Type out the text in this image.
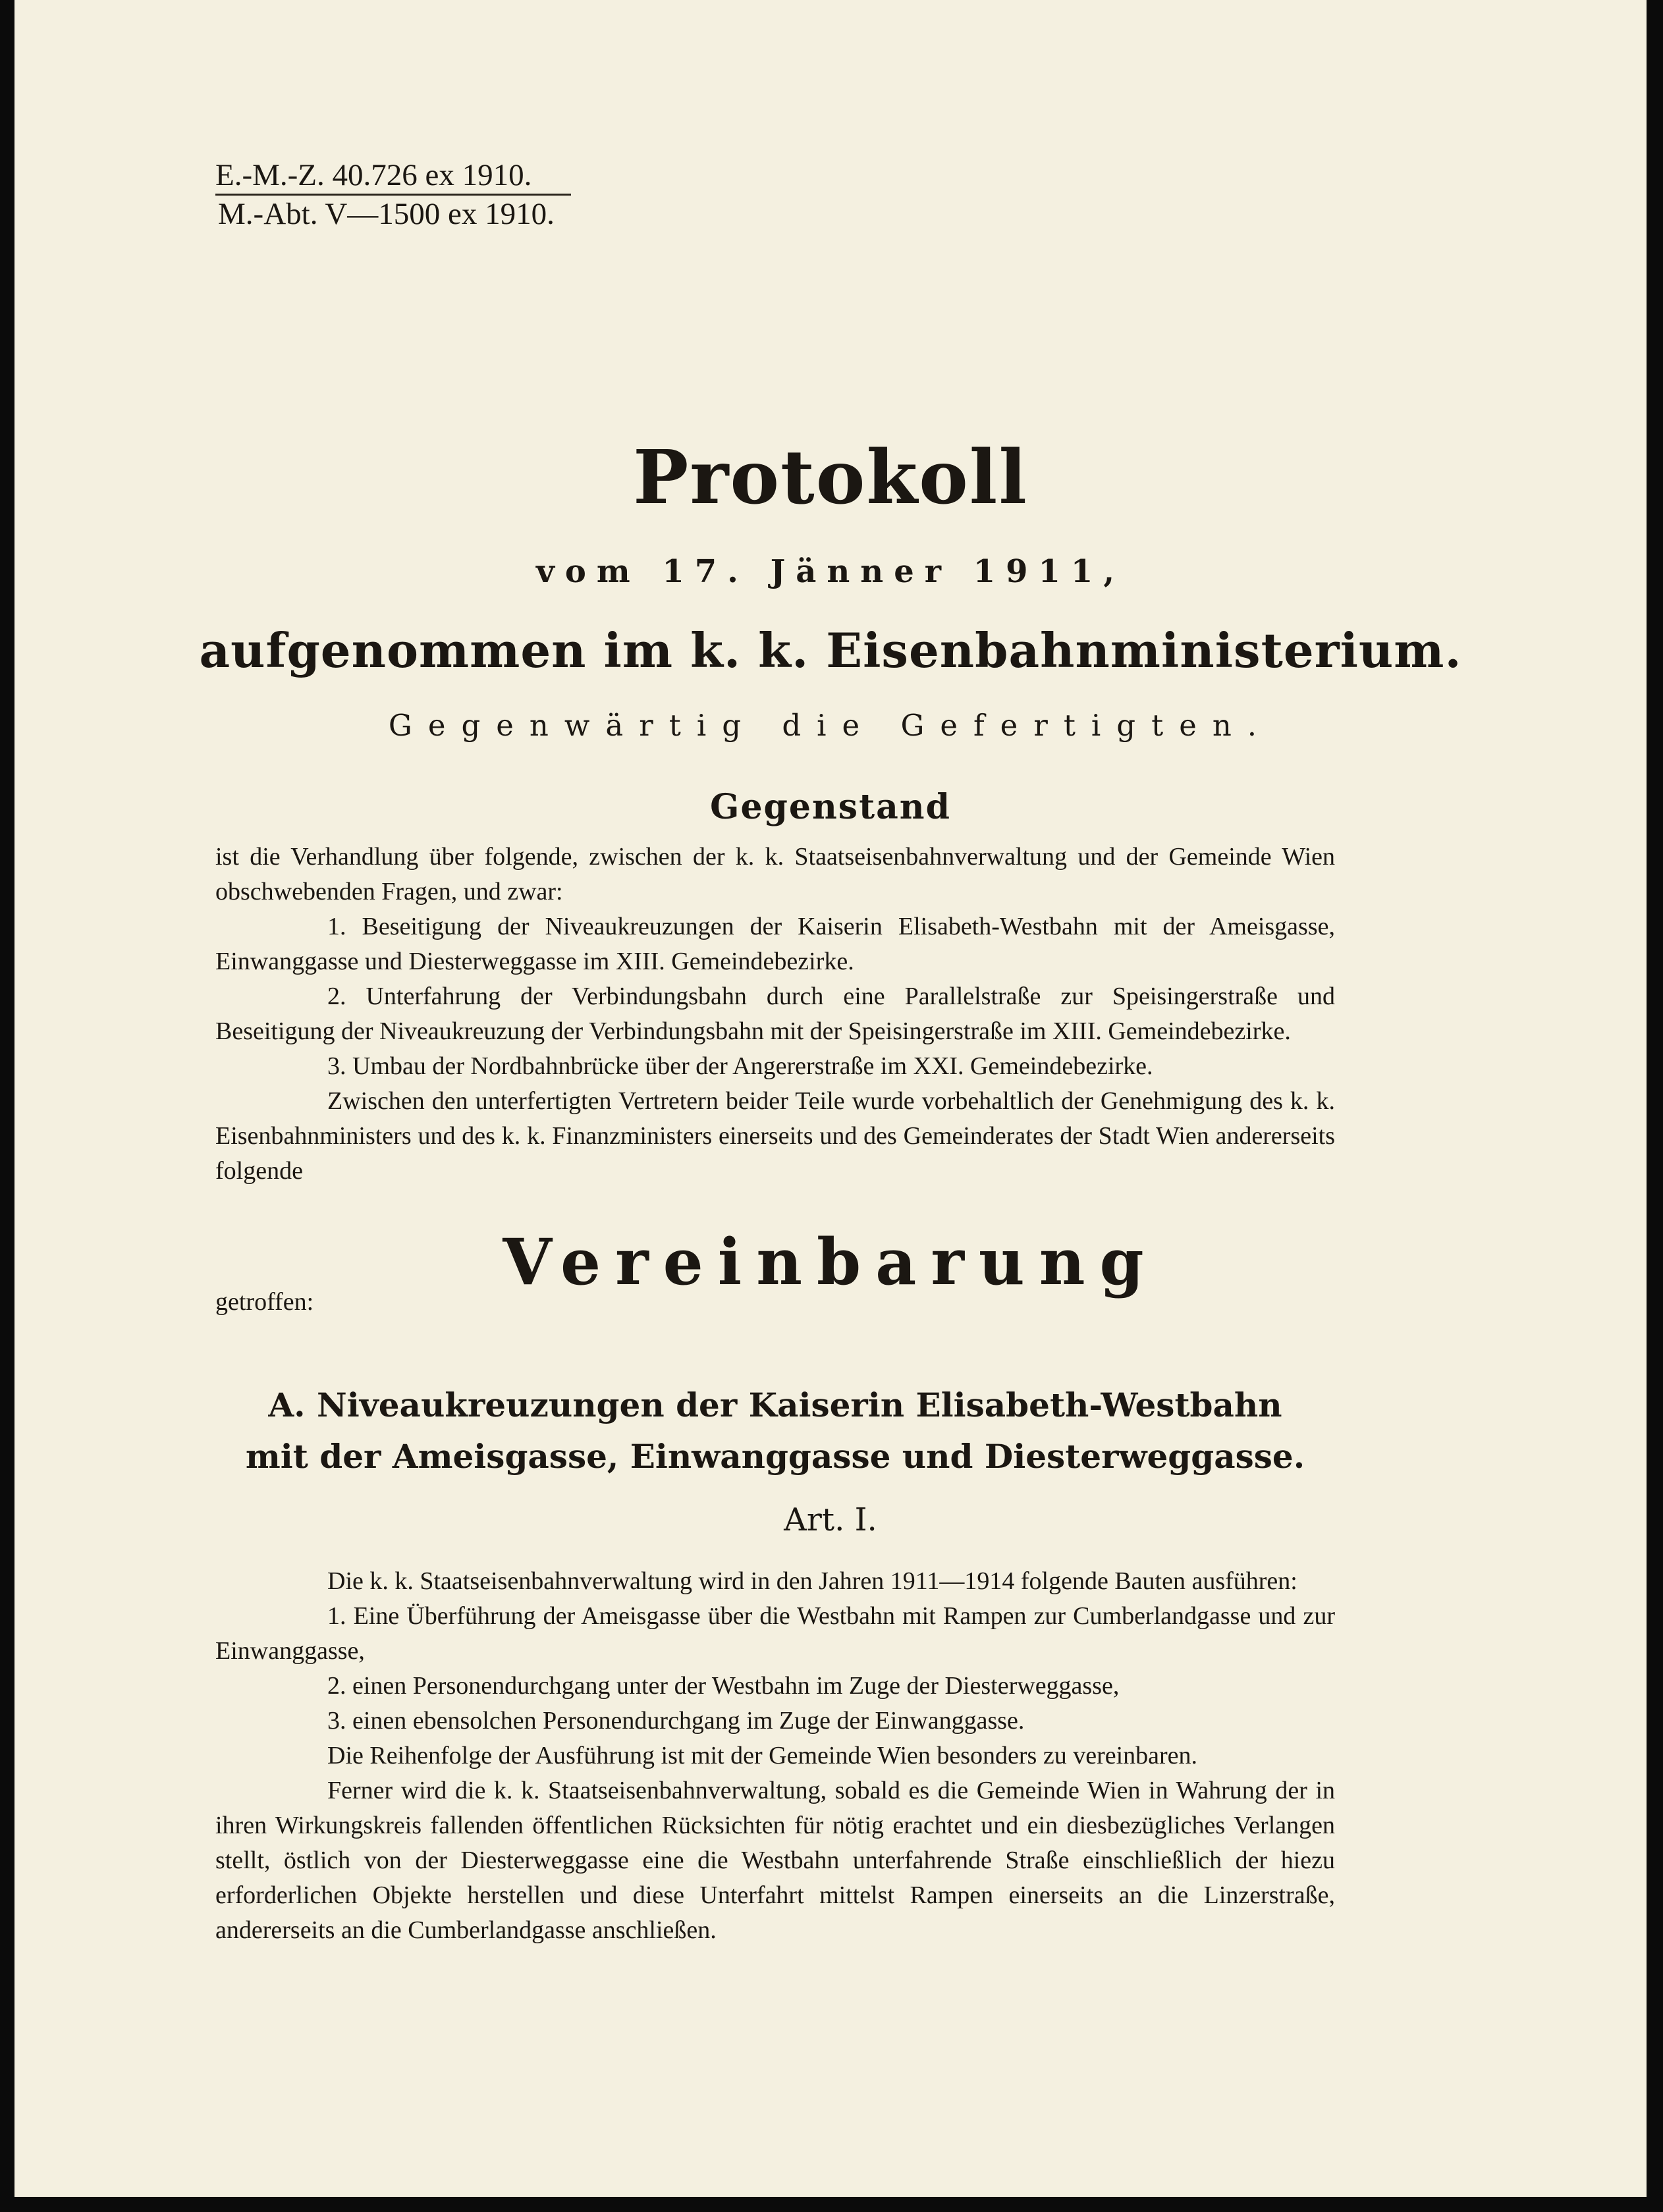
E.-M.-Z. 40.726 ex 1910.
M.-Abt. V—1500 ex 1910.
Protokoll
vom 17. Jänner 1911,
aufgenommen im k. k. Eisenbahnministerium.
Gegenwärtig die Gefertigten.
Gegenstand

ist die Verhandlung über folgende, zwischen der k. k. Staatseisenbahnverwaltung und der Gemeinde Wien obschwebenden Fragen, und zwar:

1. Beseitigung der Niveaukreuzungen der Kaiserin Elisabeth-Westbahn mit der Ameisgasse, Einwanggasse und Diesterweggasse im XIII. Gemeindebezirke.

2. Unterfahrung der Verbindungsbahn durch eine Parallelstraße zur Speisingerstraße und Beseitigung der Niveaukreuzung der Verbindungsbahn mit der Speisingerstraße im XIII. Gemeindebezirke.

3. Umbau der Nordbahnbrücke über der Angererstraße im XXI. Gemeindebezirke.

Zwischen den unterfertigten Vertretern beider Teile wurde vorbehaltlich der Genehmigung des k. k. Eisenbahnministers und des k. k. Finanzministers einerseits und des Gemeinderates der Stadt Wien andererseits folgende

Vereinbarung
getroffen:
A. Niveaukreuzungen der Kaiserin Elisabeth-Westbahn mit der Ameisgasse, Einwanggasse und Diesterweggasse.
Art. I.

Die k. k. Staatseisenbahnverwaltung wird in den Jahren 1911—1914 folgende Bauten ausführen:

1. Eine Überführung der Ameisgasse über die Westbahn mit Rampen zur Cumberlandgasse und zur Einwanggasse,

2. einen Personendurchgang unter der Westbahn im Zuge der Diesterweggasse,

3. einen ebensolchen Personendurchgang im Zuge der Einwanggasse.

Die Reihenfolge der Ausführung ist mit der Gemeinde Wien besonders zu vereinbaren.

Ferner wird die k. k. Staatseisenbahnverwaltung, sobald es die Gemeinde Wien in Wahrung der in ihren Wirkungskreis fallenden öffentlichen Rücksichten für nötig erachtet und ein diesbezügliches Verlangen stellt, östlich von der Diesterweggasse eine die Westbahn unterfahrende Straße einschließlich der hiezu erforderlichen Objekte herstellen und diese Unterfahrt mittelst Rampen einerseits an die Linzerstraße, andererseits an die Cumberlandgasse anschließen.
